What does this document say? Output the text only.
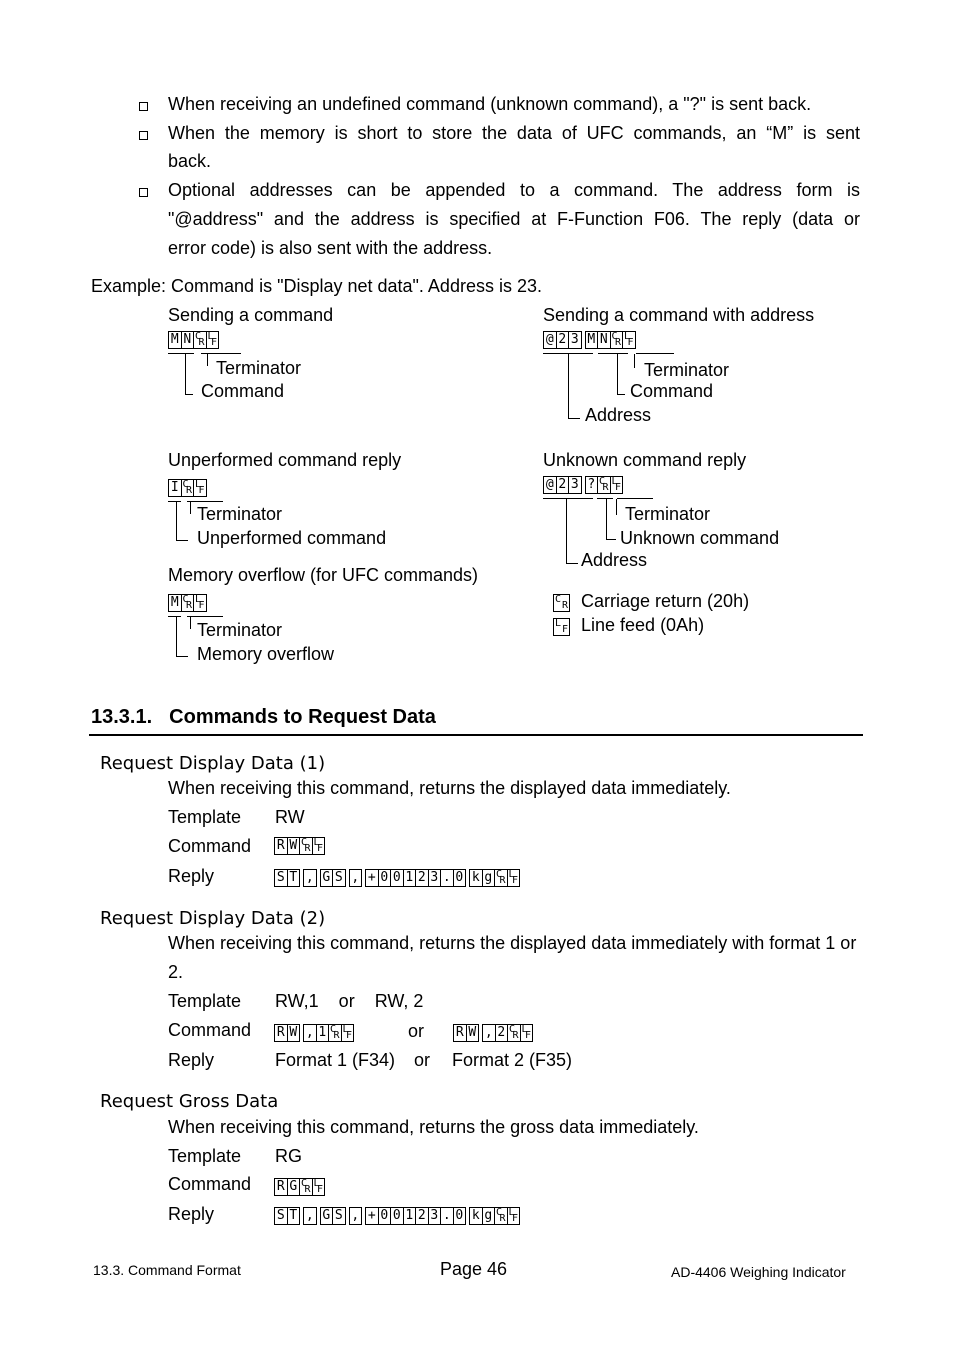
When receiving an undefined command (unknown command), a "?" is sent back.
When the memory is short to store the data of UFC commands, an “M” is sent
back.
Optional addresses can be appended to a command. The address form is
"@address" and the address is specified at F-Function F06. The reply (data or
error code) is also sent with the address.
Example: Command is "Display net data". Address is 23.
Sending a command
M N C
R
L
F
Terminator
Command
Sending a command with address
@ 2 3 M N C
R
L
F
Terminator
Command
Address
Unperformed command reply
I C
R
L
F
Terminator
Unperformed command
Unknown command reply
@ 2 3 ? C
R
L
F
Terminator
Unknown command
Address
Memory overflow (for UFC commands)
M C
R
L
F
Terminator
Memory overflow
C
R Carriage return (20h)
L
F Line feed (0Ah)
13.3.1. Commands to Request Data
Request Display Data (1)
When receiving this command, returns the displayed data immediately.
Template RW
Command R W C
R
L
F
Reply	S T , G S , + 0 0 1 2 3 . 0 k g C
R
L
F
Request Display Data (2)
When receiving this command, returns the displayed data immediately with format 1 or
2.
Template RW,1    or    RW, 2
Command R W , 1 C
R
L
F	or R W , 2 C
R
L
F
Reply	Format 1 (F34) or Format 2 (F35)
Request Gross Data
When receiving this command, returns the gross data immediately.
Template RG
Command R G C
R
L
F
Reply	S T , G S , + 0 0 1 2 3 . 0 k g C
R
L
F
13.3. Command Format	Page 46	AD-4406 Weighing Indicator
